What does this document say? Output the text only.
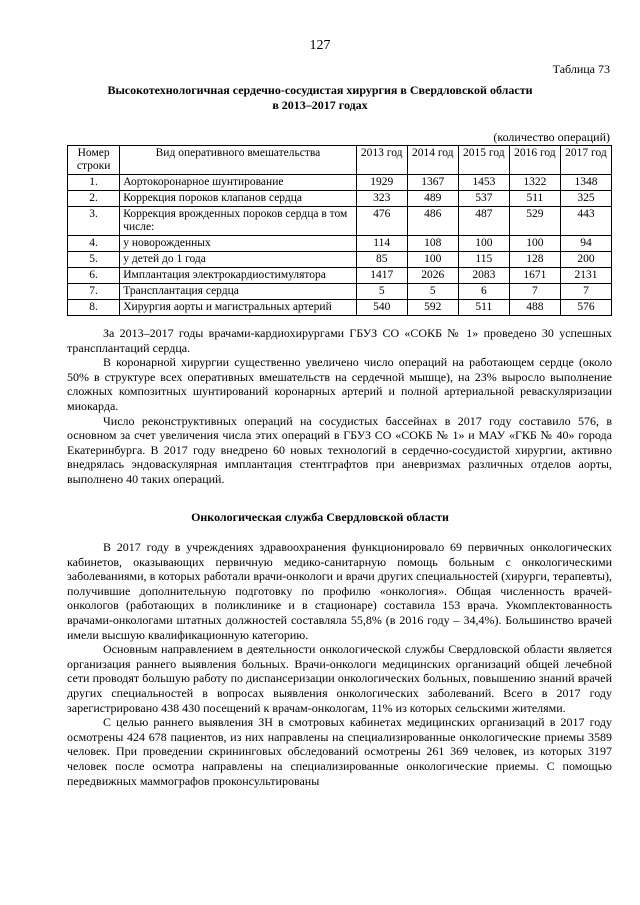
127
Таблица 73
Высокотехнологичная сердечно-сосудистая хирургия в Свердловской области
в 2013–2017 годах
(количество операций)
Номер строки	Вид оперативного вмешательства	2013 год	2014 год	2015 год	2016 год	2017 год
1.	Аортокоронарное шунтирование	1929	1367	1453	1322	1348
2.	Коррекция пороков клапанов сердца	323	489	537	511	325
3.	Коррекция врожденных пороков сердца в том числе:	476	486	487	529	443
4.	у новорожденных	114	108	100	100	94
5.	у детей до 1 года	85	100	115	128	200
6.	Имплантация электрокардиостимулятора	1417	2026	2083	1671	2131
7.	Трансплантация сердца	5	5	6	7	7
8.	Хирургия аорты и магистральных артерий	540	592	511	488	576

За 2013–2017 годы врачами-кардиохирургами ГБУЗ СО «СОКБ № 1» проведено 30 успешных трансплантаций сердца.

В коронарной хирургии существенно увеличено число операций на работающем сердце (около 50% в структуре всех оперативных вмешательств на сердечной мышце), на 23% выросло выполнение сложных композитных шунтирований коронарных артерий и полной артериальной реваскуляризации миокарда.

Число реконструктивных операций на сосудистых бассейнах в 2017 году составило 576, в основном за счет увеличения числа этих операций в ГБУЗ СО «СОКБ № 1» и МАУ «ГКБ № 40» города Екатеринбурга. В 2017 году внедрено 60 новых технологий в сердечно-сосудистой хирургии, активно внедрялась эндоваскулярная имплантация стентграфтов при аневризмах различных отделов аорты, выполнено 40 таких операций.

Онкологическая служба Свердловской области

В 2017 году в учреждениях здравоохранения функционировало 69 первичных онкологических кабинетов, оказывающих первичную медико-санитарную помощь больным с онкологическими заболеваниями, в которых работали врачи-онкологи и врачи других специальностей (хирурги, терапевты), получившие дополнительную подготовку по профилю «онкология». Общая численность врачей-онкологов (работающих в поликлинике и в стационаре) составила 153 врача. Укомплектованность врачами-онкологами штатных должностей составляла 55,8% (в 2016 году – 34,4%). Большинство врачей имели высшую квалификационную категорию.

Основным направлением в деятельности онкологической службы Свердловской области является организация раннего выявления больных. Врачи-онкологи медицинских организаций общей лечебной сети проводят большую работу по диспансеризации онкологических больных, повышению знаний врачей других специальностей в вопросах выявления онкологических заболеваний. Всего в 2017 году зарегистрировано 438 430 посещений к врачам-онкологам, 11% из которых сельскими жителями.

С целью раннего выявления ЗН в смотровых кабинетах медицинских организаций в 2017 году осмотрены 424 678 пациентов, из них направлены на специализированные онкологические приемы 3589 человек. При проведении скрининговых обследований осмотрены 261 369 человек, из которых 3197 человек после осмотра направлены на специализированные онкологические приемы. С помощью передвижных маммографов проконсультированы
